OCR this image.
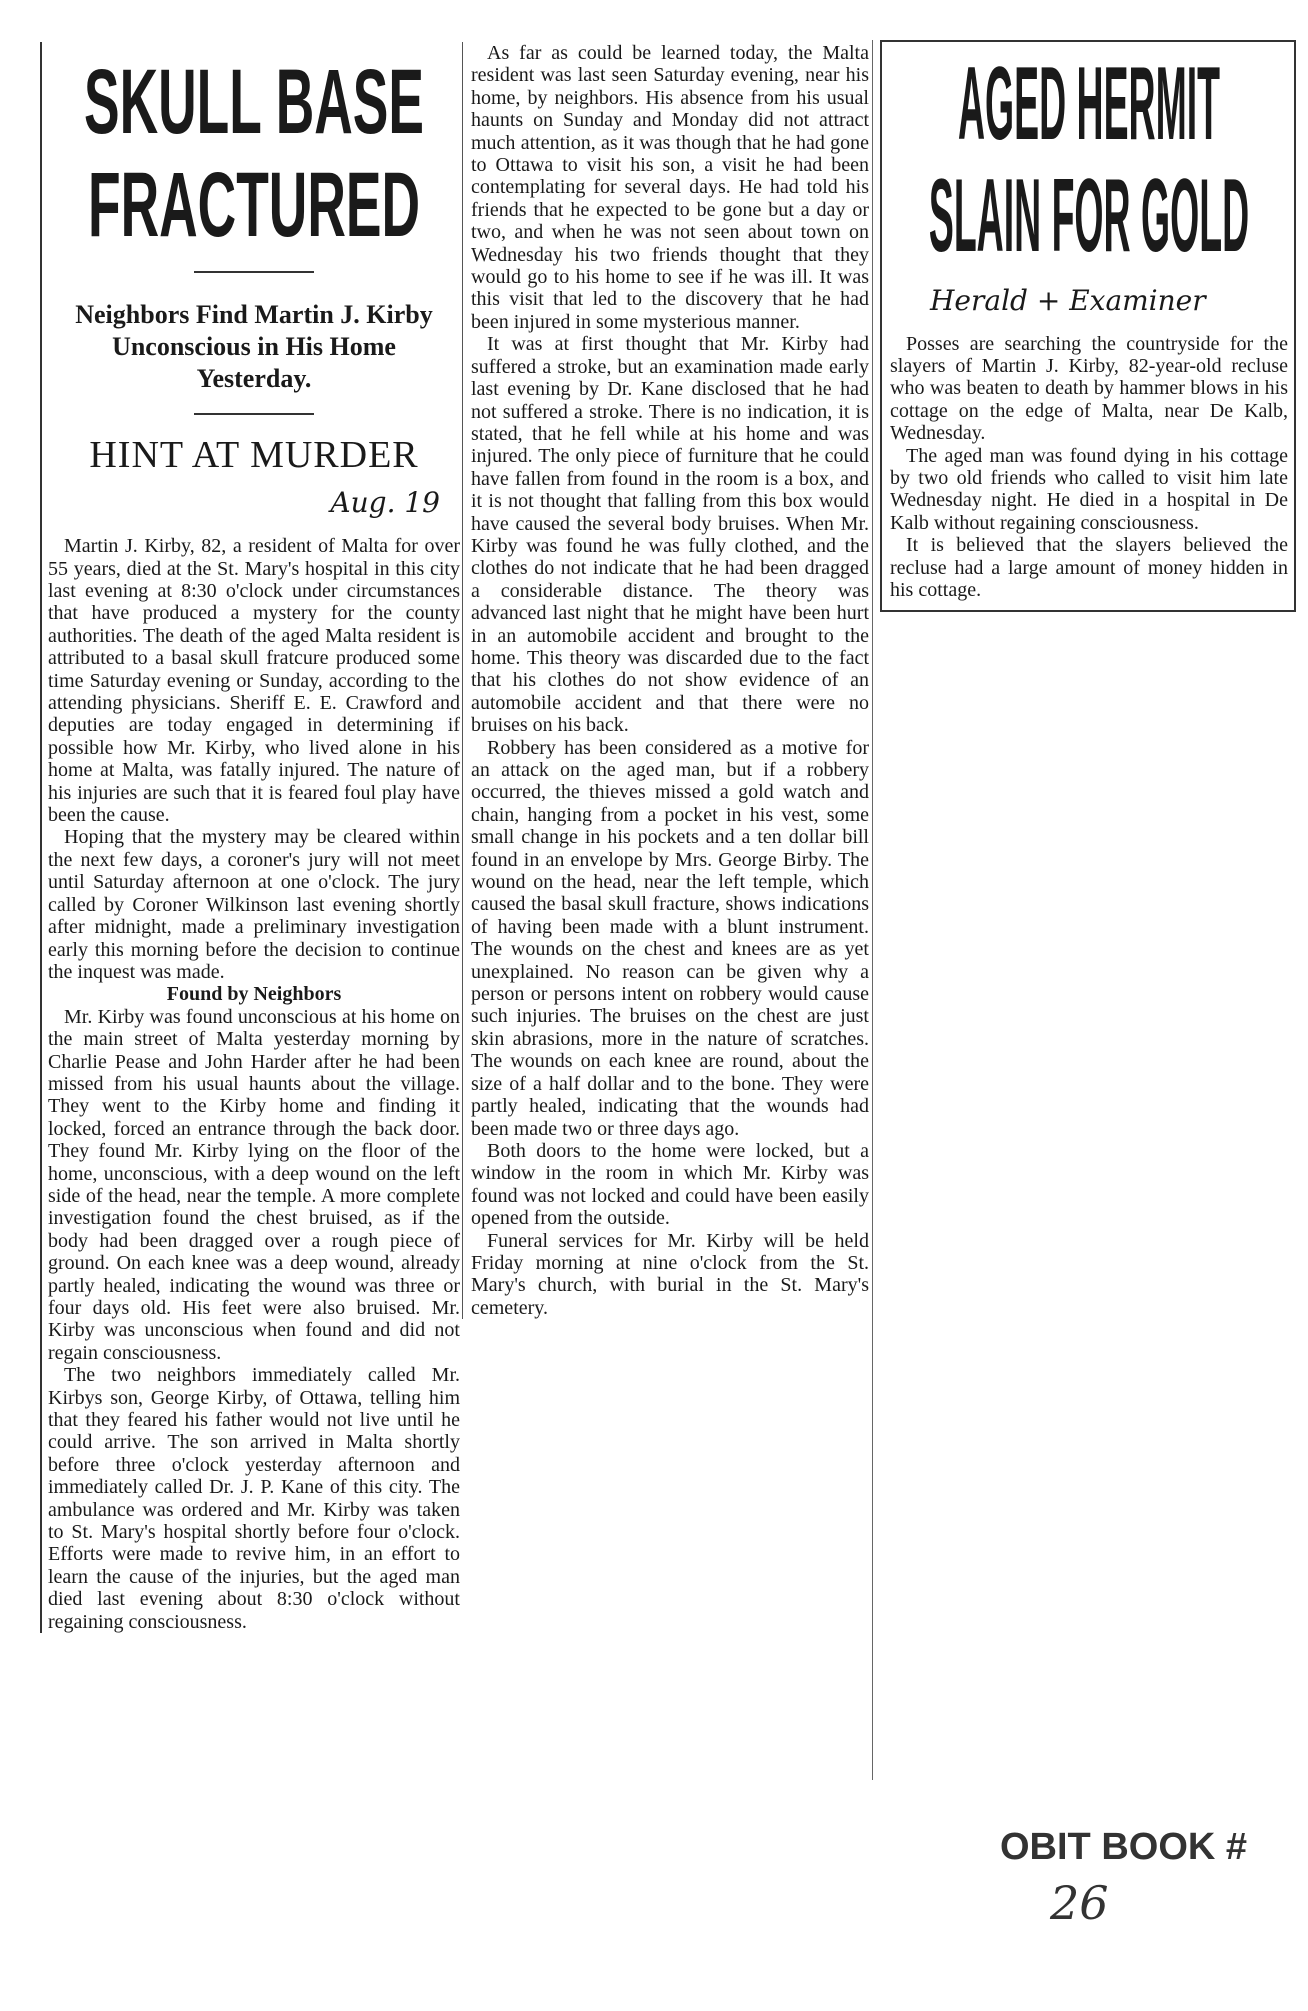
SKULL BASE
FRACTURED
Neighbors Find Martin J. Kirby Unconscious in His Home Yesterday.
HINT AT MURDER
Aug. 19

Martin J. Kirby, 82, a resident of Malta for over 55 years, died at the St. Mary's hospital in this city last evening at 8:30 o'clock under circumstances that have produced a mystery for the county authorities. The death of the aged Malta resident is attributed to a basal skull fratcure produced some time Saturday evening or Sunday, according to the attending physicians. Sheriff E. E. Crawford and deputies are today engaged in determining if possible how Mr. Kirby, who lived alone in his home at Malta, was fatally injured. The nature of his injuries are such that it is feared foul play have been the cause.

Hoping that the mystery may be cleared within the next few days, a coroner's jury will not meet until Saturday afternoon at one o'clock. The jury called by Coroner Wilkinson last evening shortly after midnight, made a preliminary investigation early this morning before the decision to continue the inquest was made.

Found by Neighbors

Mr. Kirby was found unconscious at his home on the main street of Malta yesterday morning by Charlie Pease and John Harder after he had been missed from his usual haunts about the village. They went to the Kirby home and finding it locked, forced an entrance through the back door. They found Mr. Kirby lying on the floor of the home, unconscious, with a deep wound on the left side of the head, near the temple. A more complete investigation found the chest bruised, as if the body had been dragged over a rough piece of ground. On each knee was a deep wound, already partly healed, indicating the wound was three or four days old. His feet were also bruised. Mr. Kirby was unconscious when found and did not regain consciousness.

The two neighbors immediately called Mr. Kirbys son, George Kirby, of Ottawa, telling him that they feared his father would not live until he could arrive. The son arrived in Malta shortly before three o'clock yesterday afternoon and immediately called Dr. J. P. Kane of this city. The ambulance was ordered and Mr. Kirby was taken to St. Mary's hospital shortly before four o'clock. Efforts were made to revive him, in an effort to learn the cause of the injuries, but the aged man died last evening about 8:30 o'clock without regaining consciousness.

As far as could be learned today, the Malta resident was last seen Saturday evening, near his home, by neighbors. His absence from his usual haunts on Sunday and Monday did not attract much attention, as it was though that he had gone to Ottawa to visit his son, a visit he had been contemplating for several days. He had told his friends that he expected to be gone but a day or two, and when he was not seen about town on Wednesday his two friends thought that they would go to his home to see if he was ill. It was this visit that led to the discovery that he had been injured in some mysterious manner.

It was at first thought that Mr. Kirby had suffered a stroke, but an examination made early last evening by Dr. Kane disclosed that he had not suffered a stroke. There is no indication, it is stated, that he fell while at his home and was injured. The only piece of furniture that he could have fallen from found in the room is a box, and it is not thought that falling from this box would have caused the several body bruises. When Mr. Kirby was found he was fully clothed, and the clothes do not indicate that he had been dragged a considerable distance. The theory was advanced last night that he might have been hurt in an automobile accident and brought to the home. This theory was discarded due to the fact that his clothes do not show evidence of an automobile accident and that there were no bruises on his back.

Robbery has been considered as a motive for an attack on the aged man, but if a robbery occurred, the thieves missed a gold watch and chain, hanging from a pocket in his vest, some small change in his pockets and a ten dollar bill found in an envelope by Mrs. George Birby. The wound on the head, near the left temple, which caused the basal skull fracture, shows indications of having been made with a blunt instrument. The wounds on the chest and knees are as yet unexplained. No reason can be given why a person or persons intent on robbery would cause such injuries. The bruises on the chest are just skin abrasions, more in the nature of scratches. The wounds on each knee are round, about the size of a half dollar and to the bone. They were partly healed, indicating that the wounds had been made two or three days ago.

Both doors to the home were locked, but a window in the room in which Mr. Kirby was found was not locked and could have been easily opened from the outside.

Funeral services for Mr. Kirby will be held Friday morning at nine o'clock from the St. Mary's church, with burial in the St. Mary's cemetery.

AGED HERMIT
SLAIN FOR GOLD
Herald + Examiner

Posses are searching the countryside for the slayers of Martin J. Kirby, 82-year-old recluse who was beaten to death by hammer blows in his cottage on the edge of Malta, near De Kalb, Wednesday.

The aged man was found dying in his cottage by two old friends who called to visit him late Wednesday night. He died in a hospital in De Kalb without regaining consciousness.

It is believed that the slayers believed the recluse had a large amount of money hidden in his cottage.

OBIT BOOK #
26
